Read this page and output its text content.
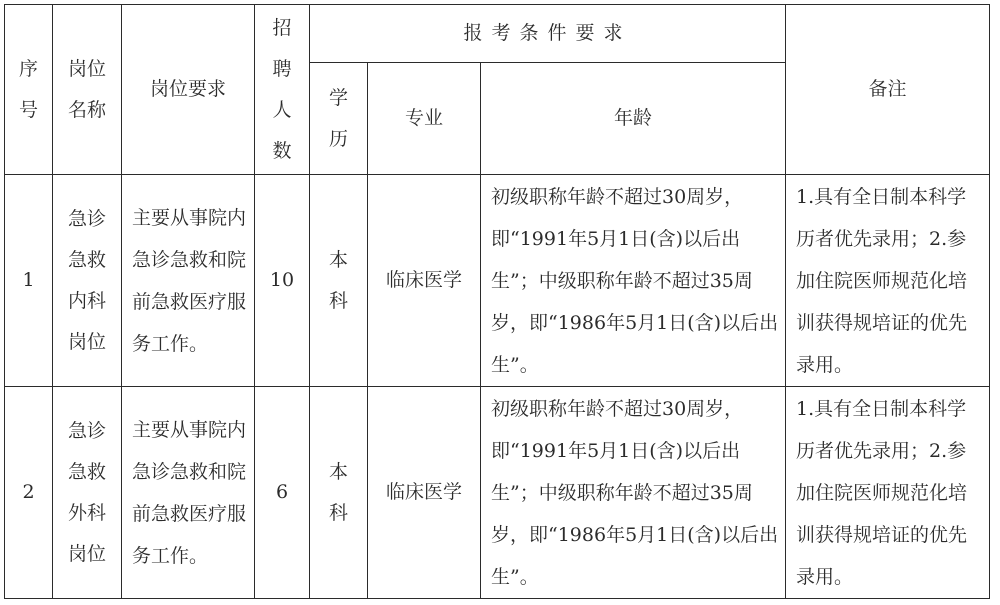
序号	岗位名称	岗位要求	招聘人数	报考条件要求			备注

				学历	专业	年龄	
1	急诊急救内科岗位	主要从事院内急诊急救和院前急救医疗服务工作。	10	本科	临床医学	初级职称年龄不超过30周岁，即“1991年5月1日(含)以后出生”；中级职称年龄不超过35周岁，即“1986年5月1日(含)以后出生”。	1.具有全日制本科学历者优先录用；2.参加住院医师规范化培训获得规培证的优先录用。

2	急诊急救外科岗位	主要从事院内急诊急救和院前急救医疗服务工作。	6	本科	临床医学	初级职称年龄不超过30周岁，即“1991年5月1日(含)以后出生”；中级职称年龄不超过35周岁，即“1986年5月1日(含)以后出生”。	1.具有全日制本科学历者优先录用；2.参加住院医师规范化培训获得规培证的优先录用。
